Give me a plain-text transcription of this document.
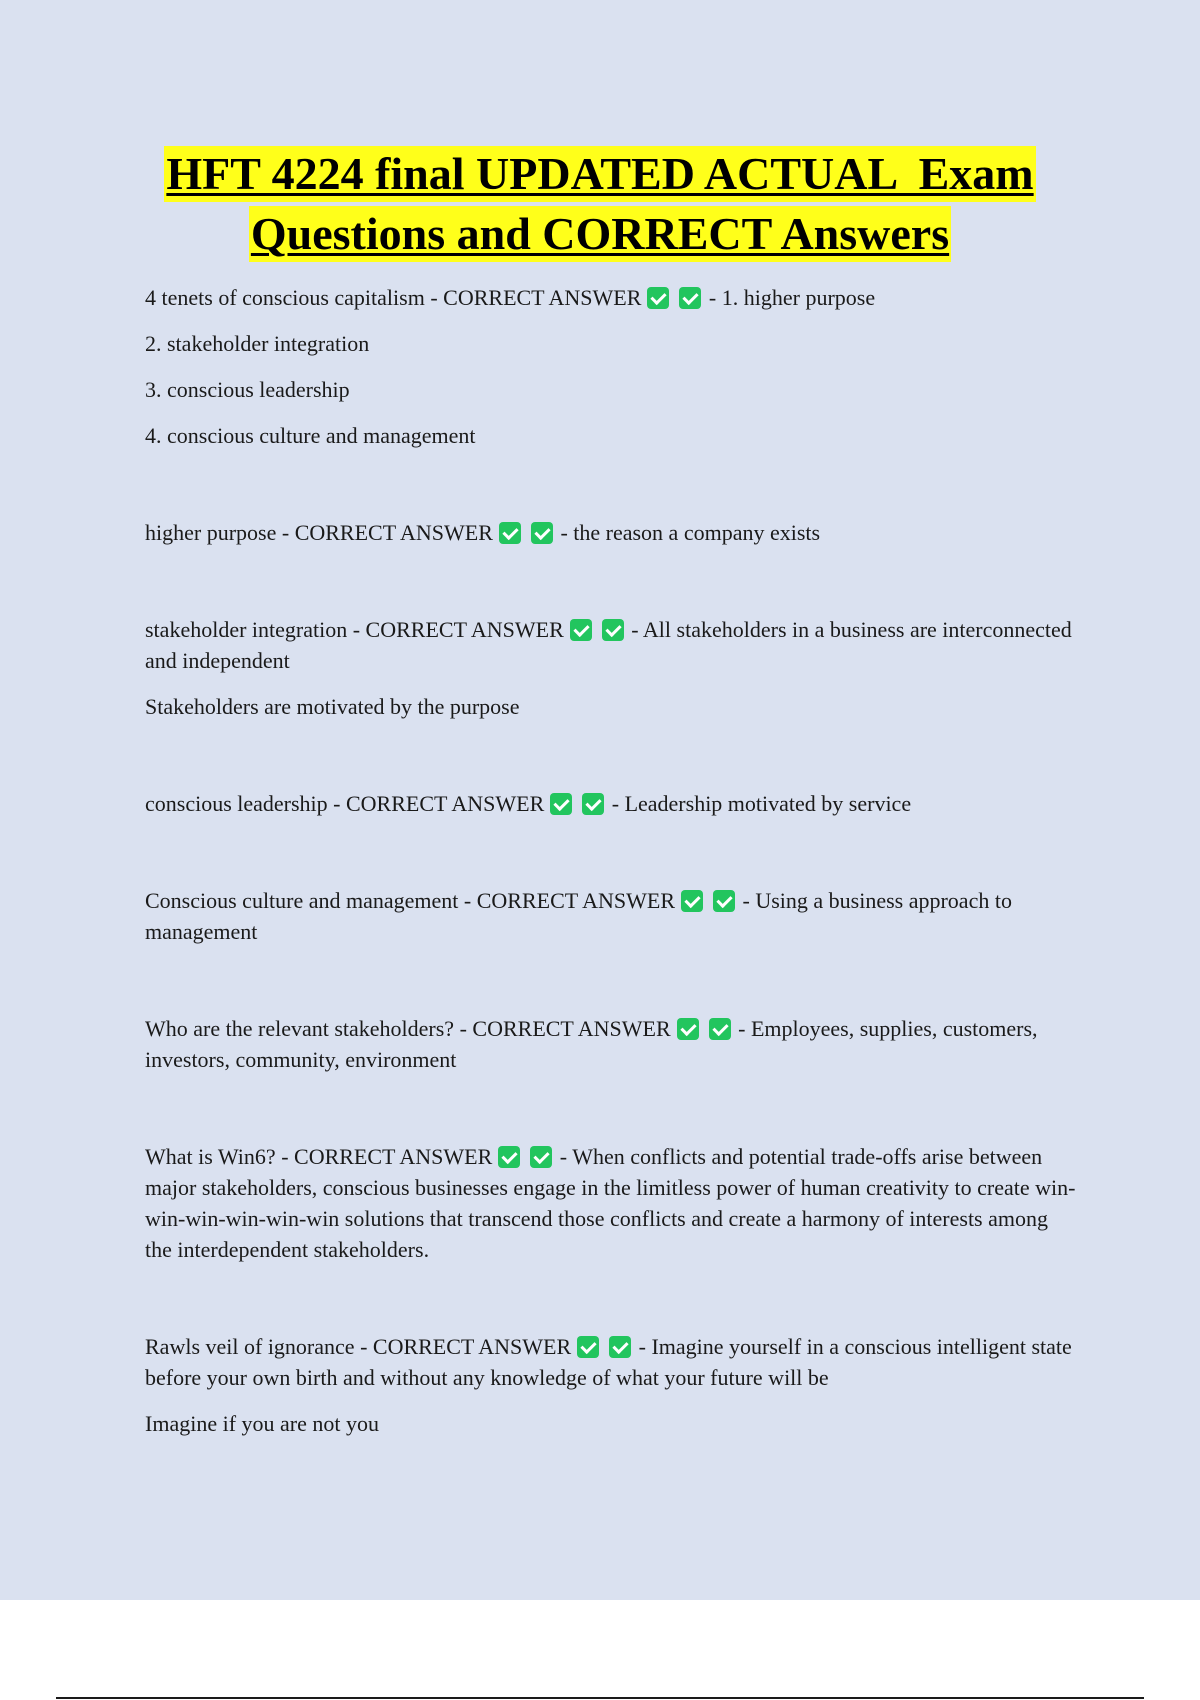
HFT 4224 final UPDATED ACTUAL  Exam
Questions and CORRECT Answers

4 tenets of conscious capitalism - CORRECT ANSWER	- 1. higher purpose

2. stakeholder integration

3. conscious leadership

4. conscious culture and management

higher purpose - CORRECT ANSWER	- the reason a company exists

stakeholder integration - CORRECT ANSWER	- All stakeholders in a business are interconnected and independent

Stakeholders are motivated by the purpose

conscious leadership - CORRECT ANSWER	- Leadership motivated by service

Conscious culture and management - CORRECT ANSWER	- Using a business approach to management

Who are the relevant stakeholders? - CORRECT ANSWER	- Employees, supplies, customers, investors, community, environment

What is Win6? - CORRECT ANSWER	- When conflicts and potential trade-offs arise between major stakeholders, conscious businesses engage in the limitless power of human creativity to create win-win-win-win-win-win solutions that transcend those conflicts and create a harmony of interests among the interdependent stakeholders.

Rawls veil of ignorance - CORRECT ANSWER	- Imagine yourself in a conscious intelligent state before your own birth and without any knowledge of what your future will be

Imagine if you are not you
